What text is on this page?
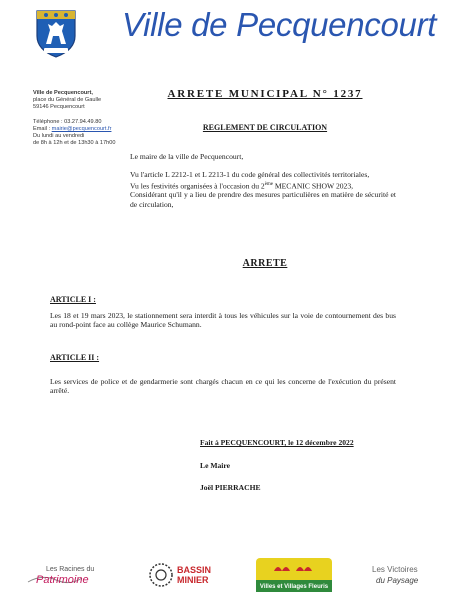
Ville de Pecquencourt
Ville de Pecquencourt,
place du Général de Gaulle
59146 Pecquencourt
Téléphone : 03.27.94.49.80
Email : mairie@pecquencourt.fr
Du lundi au vendredi
de 8h à 12h et de 13h30 à 17h00
ARRETE MUNICIPAL N° 1237
REGLEMENT DE CIRCULATION

Le maire de la ville de Pecquencourt,

Vu l'article L 2212-1 et L 2213-1 du code général des collectivités territoriales,

Vu les festivités organisées à l'occasion du 2ème MECANIC SHOW 2023,

Considérant qu'il y a lieu de prendre des mesures particulières en matière de sécurité et de circulation,

ARRETE
ARTICLE I :
Les 18 et 19 mars 2023, le stationnement sera interdit à tous les véhicules sur la voie de contournement des bus au rond-point face au collège Maurice Schumann.
ARTICLE II :
Les services de police et de gendarmerie sont chargés chacun en ce qui les concerne de l'exécution du présent arrêté.
Fait à PECQUENCOURT, le 12 décembre 2022
Le Maire
Joël PIERRACHE
Les Racines du
Patrimoine
BASSIN
MINIER
Villes et Villages Fleuris
Les Victoires
du Paysage
